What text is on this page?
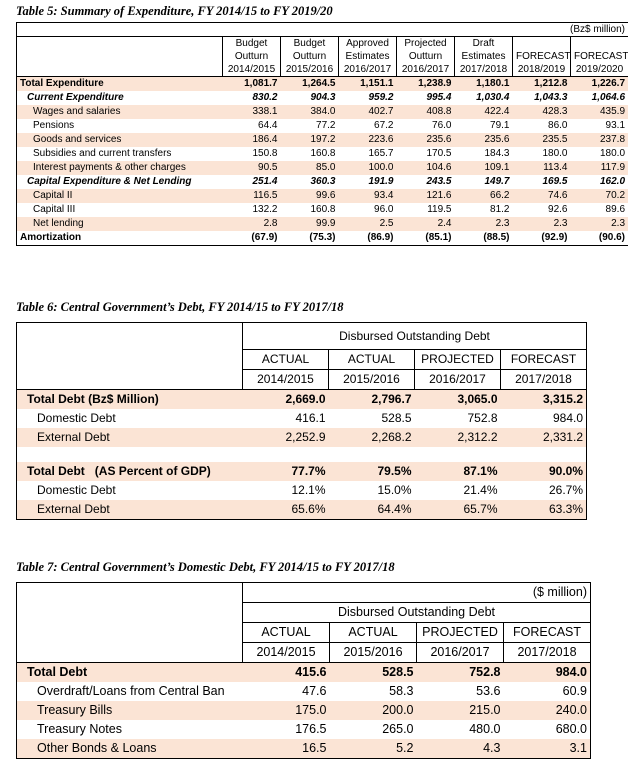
Table 5: Summary of Expenditure, FY 2014/15 to FY 2019/20
(Bz$ million)							
	Budget	Budget	Approved	Projected	Draft		
	Outturn	Outturn	Estimates	Outturn	Estimates	FORECAST	FORECAST
	2014/2015	2015/2016	2016/2017	2016/2017	2017/2018	2018/2019	2019/2020
Total Expenditure	1,081.7	1,264.5	1,151.1	1,238.9	1,180.1	1,212.8	1,226.7
Current Expenditure	830.2	904.3	959.2	995.4	1,030.4	1,043.3	1,064.6
Wages and salaries	338.1	384.0	402.7	408.8	422.4	428.3	435.9
Pensions	64.4	77.2	67.2	76.0	79.1	86.0	93.1
Goods and services	186.4	197.2	223.6	235.6	235.6	235.5	237.8
Subsidies and current transfers	150.8	160.8	165.7	170.5	184.3	180.0	180.0
Interest payments & other charges	90.5	85.0	100.0	104.6	109.1	113.4	117.9
Capital Expenditure & Net Lending	251.4	360.3	191.9	243.5	149.7	169.5	162.0
Capital II	116.5	99.6	93.4	121.6	66.2	74.6	70.2
Capital III	132.2	160.8	96.0	119.5	81.2	92.6	89.6
Net lending	2.8	99.9	2.5	2.4	2.3	2.3	2.3
Amortization	(67.9)	(75.3)	(86.9)	(85.1)	(88.5)	(92.9)	(90.6)
Table 6: Central Government’s Debt, FY 2014/15 to FY 2017/18
	Disbursed Outstanding Debt			
	ACTUAL	ACTUAL	PROJECTED	FORECAST
	2014/2015	2015/2016	2016/2017	2017/2018
Total Debt (Bz$ Million)	2,669.0	2,796.7	3,065.0	3,315.2
Domestic Debt	416.1	528.5	752.8	984.0
External Debt	2,252.9	2,268.2	2,312.2	2,331.2

Total Debt   (AS Percent of GDP)	77.7%	79.5%	87.1%	90.0%
Domestic Debt	12.1%	15.0%	21.4%	26.7%
External Debt	65.6%	64.4%	65.7%	63.3%
Table 7: Central Government’s Domestic Debt, FY 2014/15 to FY 2017/18
	($ million)			
	Disbursed Outstanding Debt			
	ACTUAL	ACTUAL	PROJECTED	FORECAST
	2014/2015	2015/2016	2016/2017	2017/2018
Total Debt	415.6	528.5	752.8	984.0
Overdraft/Loans from Central Ban	47.6	58.3	53.6	60.9
Treasury Bills	175.0	200.0	215.0	240.0
Treasury Notes	176.5	265.0	480.0	680.0
Other Bonds & Loans	16.5	5.2	4.3	3.1
